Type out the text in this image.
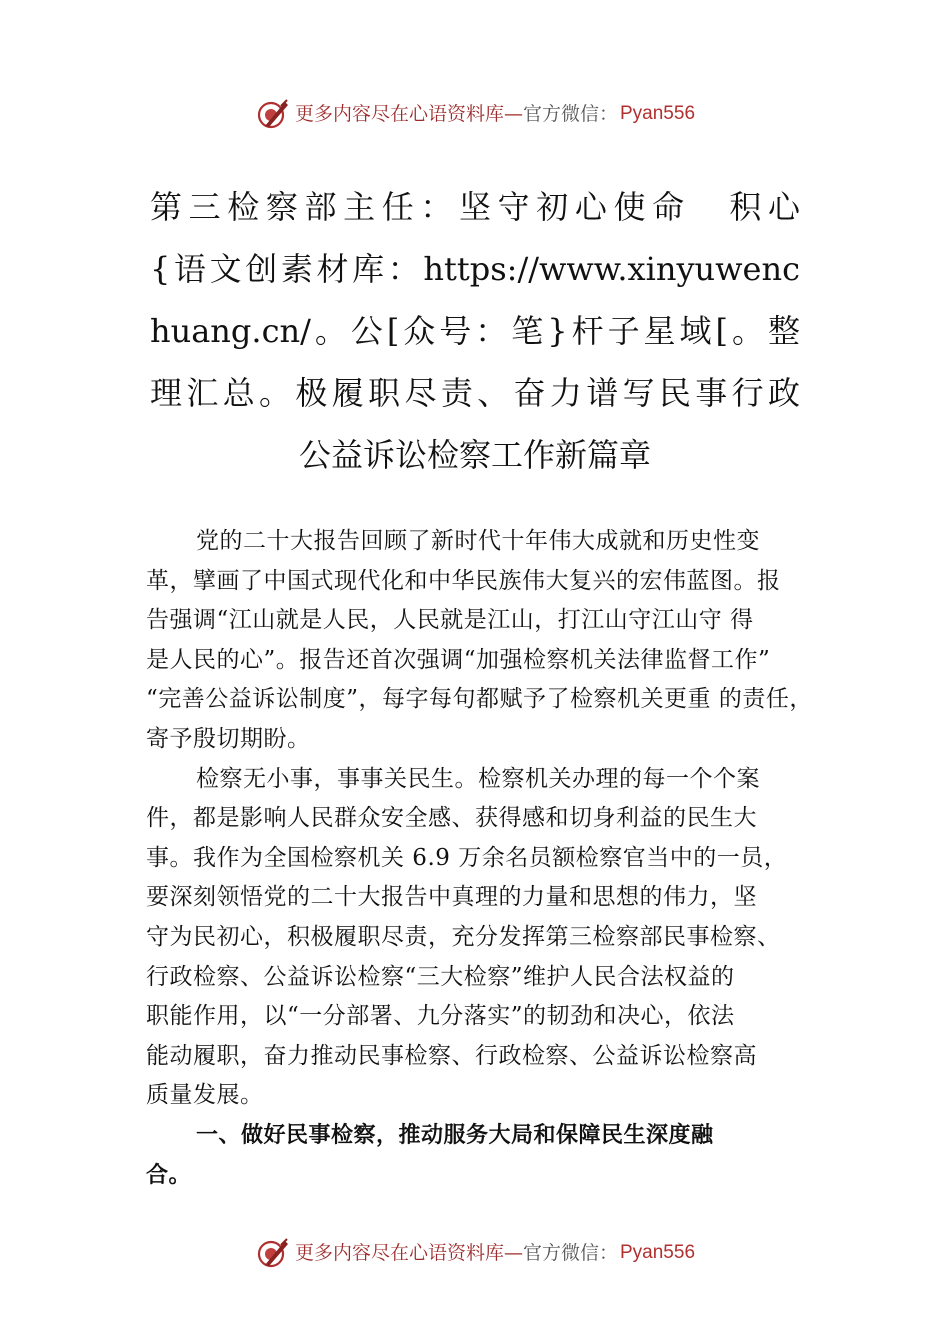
更多内容尽在心语资料库 — 官方微信： Pyan556
第三检察部主任：坚守初心使命　积心
{语文创素材库：https://www.xinyuwenc
huang.cn/。公[众号：笔}杆子星域[。整
理汇总。极履职尽责、奋力谱写民事行政
公益诉讼检察工作新篇章
党的二十大报告回顾了新时代十年伟大成就和历史性变
革，擘画了中国式现代化和中华民族伟大复兴的宏伟蓝图。报
告强调“江山就是人民，人民就是江山，打江山守江山守 得
是人民的心”。报告还首次强调“加强检察机关法律监督工作”
“完善公益诉讼制度”，每字每句都赋予了检察机关更重 的责任，
寄予殷切期盼。
检察无小事，事事关民生。检察机关办理的每一个个案
件，都是影响人民群众安全感、获得感和切身利益的民生大
事。我作为全国检察机关 6.9 万余名员额检察官当中的一员，
要深刻领悟党的二十大报告中真理的力量和思想的伟力，坚
守为民初心，积极履职尽责，充分发挥第三检察部民事检察、
行政检察、公益诉讼检察“三大检察”维护人民合法权益的
职能作用，以“一分部署、九分落实”的韧劲和决心，依法
能动履职，奋力推动民事检察、行政检察、公益诉讼检察高
质量发展。
一、做好民事检察，推动服务大局和保障民生深度融
合。
更多内容尽在心语资料库 — 官方微信： Pyan556
